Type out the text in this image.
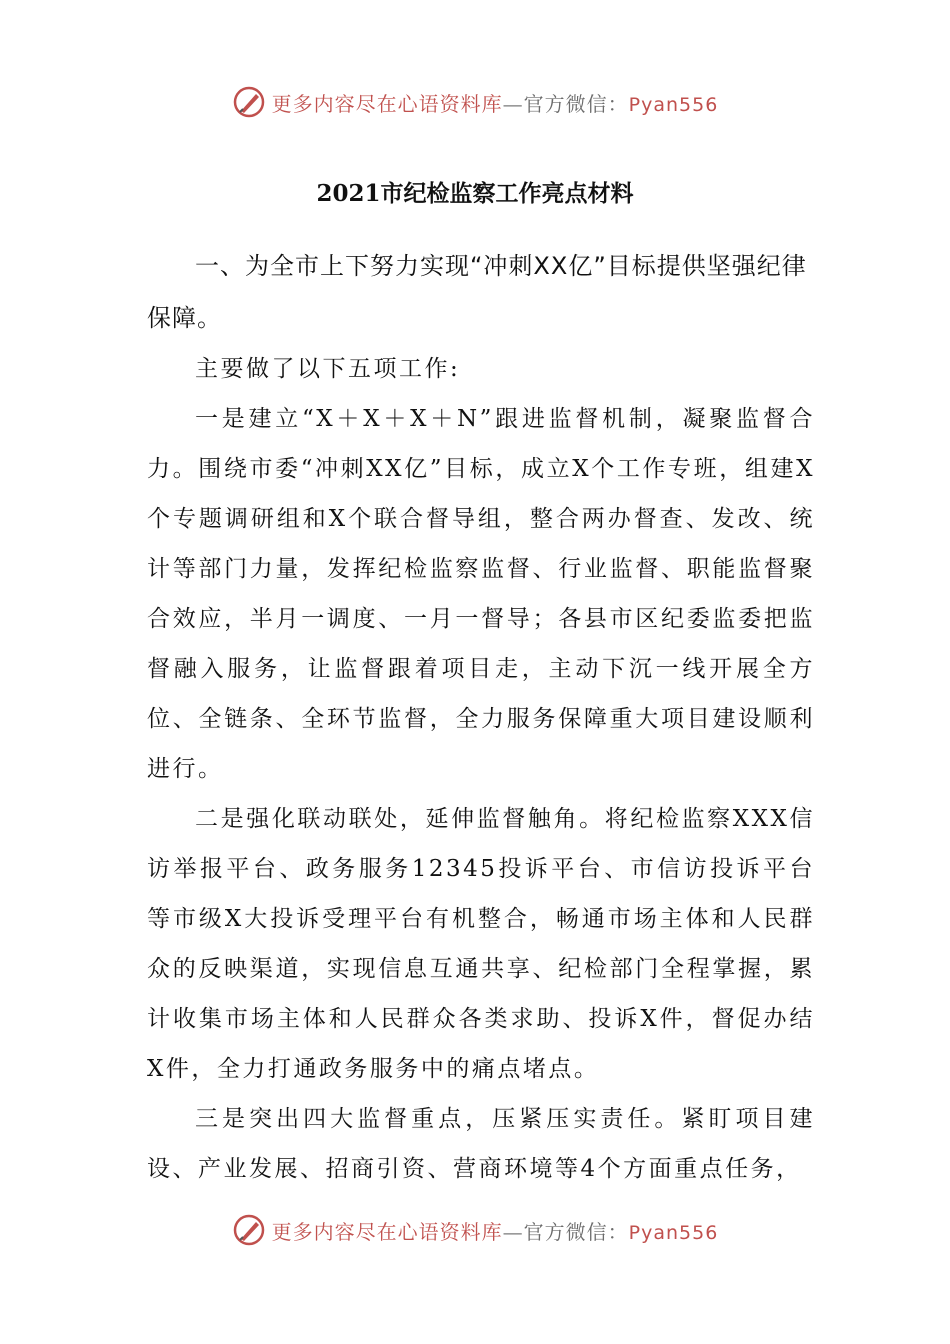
更多内容尽在心语资料库—官方微信：Pyan556
2021市纪检监察工作亮点材料

一、为全市上下努力实现“冲刺XX亿”目标提供坚强纪律保障。

主要做了以下五项工作:

一是建立“X＋X＋X＋N”跟进监督机制，凝聚监督合力。围绕市委“冲刺XX亿”目标，成立X个工作专班，组建X个专题调研组和X个联合督导组，整合两办督查、发改、统计等部门力量，发挥纪检监察监督、行业监督、职能监督聚合效应，半月一调度、一月一督导；各县市区纪委监委把监督融入服务，让监督跟着项目走，主动下沉一线开展全方位、全链条、全环节监督，全力服务保障重大项目建设顺利进行。

二是强化联动联处，延伸监督触角。将纪检监察XXX信访举报平台、政务服务12345投诉平台、市信访投诉平台等市级X大投诉受理平台有机整合，畅通市场主体和人民群众的反映渠道，实现信息互通共享、纪检部门全程掌握，累计收集市场主体和人民群众各类求助、投诉X件，督促办结X件，全力打通政务服务中的痛点堵点。

三是突出四大监督重点，压紧压实责任。紧盯项目建设、产业发展、招商引资、营商环境等4个方面重点任务，

更多内容尽在心语资料库—官方微信：Pyan556
